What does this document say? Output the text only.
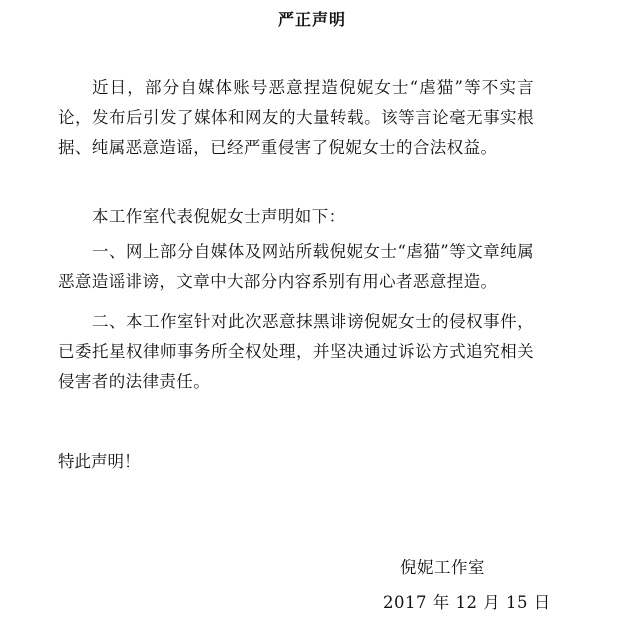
严正声明

近日，部分自媒体账号恶意捏造倪妮女士“虐猫”等不实言论，发布后引发了媒体和网友的大量转载。该等言论毫无事实根据、纯属恶意造谣，已经严重侵害了倪妮女士的合法权益。

本工作室代表倪妮女士声明如下：

一、网上部分自媒体及网站所载倪妮女士“虐猫”等文章纯属恶意造谣诽谤，文章中大部分内容系别有用心者恶意捏造。

二、本工作室针对此次恶意抹黑诽谤倪妮女士的侵权事件，已委托星权律师事务所全权处理，并坚决通过诉讼方式追究相关侵害者的法律责任。

特此声明！

倪妮工作室

2017 年 12 月 15 日
